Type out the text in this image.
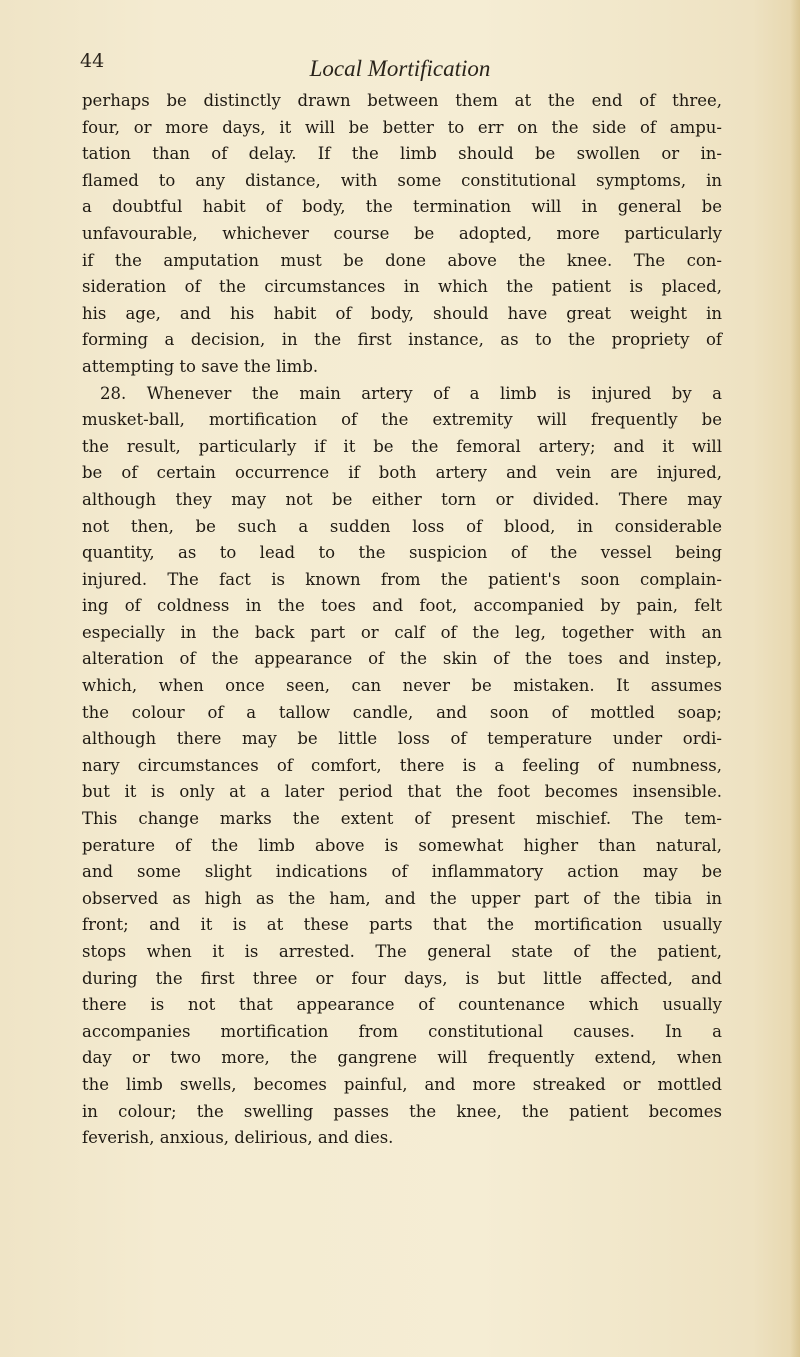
44	Local Mortification
perhaps be distinctly drawn between them at the end of three,
four, or more days, it will be better to err on the side of ampu-
tation than of delay. If the limb should be swollen or in-
flamed to any distance, with some constitutional symptoms, in
a doubtful habit of body, the termination will in general be
unfavourable, whichever course be adopted, more particularly
if the amputation must be done above the knee. The con-
sideration of the circumstances in which the patient is placed,
his age, and his habit of body, should have great weight in
forming a decision, in the first instance, as to the propriety of
attempting to save the limb.
28. Whenever the main artery of a limb is injured by a
musket-ball, mortification of the extremity will frequently be
the result, particularly if it be the femoral artery; and it will
be of certain occurrence if both artery and vein are injured,
although they may not be either torn or divided. There may
not then, be such a sudden loss of blood, in considerable
quantity, as to lead to the suspicion of the vessel being
injured. The fact is known from the patient's soon complain-
ing of coldness in the toes and foot, accompanied by pain, felt
especially in the back part or calf of the leg, together with an
alteration of the appearance of the skin of the toes and instep,
which, when once seen, can never be mistaken. It assumes
the colour of a tallow candle, and soon of mottled soap;
although there may be little loss of temperature under ordi-
nary circumstances of comfort, there is a feeling of numbness,
but it is only at a later period that the foot becomes insensible.
This change marks the extent of present mischief. The tem-
perature of the limb above is somewhat higher than natural,
and some slight indications of inflammatory action may be
observed as high as the ham, and the upper part of the tibia in
front; and it is at these parts that the mortification usually
stops when it is arrested. The general state of the patient,
during the first three or four days, is but little affected, and
there is not that appearance of countenance which usually
accompanies mortification from constitutional causes. In a
day or two more, the gangrene will frequently extend, when
the limb swells, becomes painful, and more streaked or mottled
in colour; the swelling passes the knee, the patient becomes
feverish, anxious, delirious, and dies.
